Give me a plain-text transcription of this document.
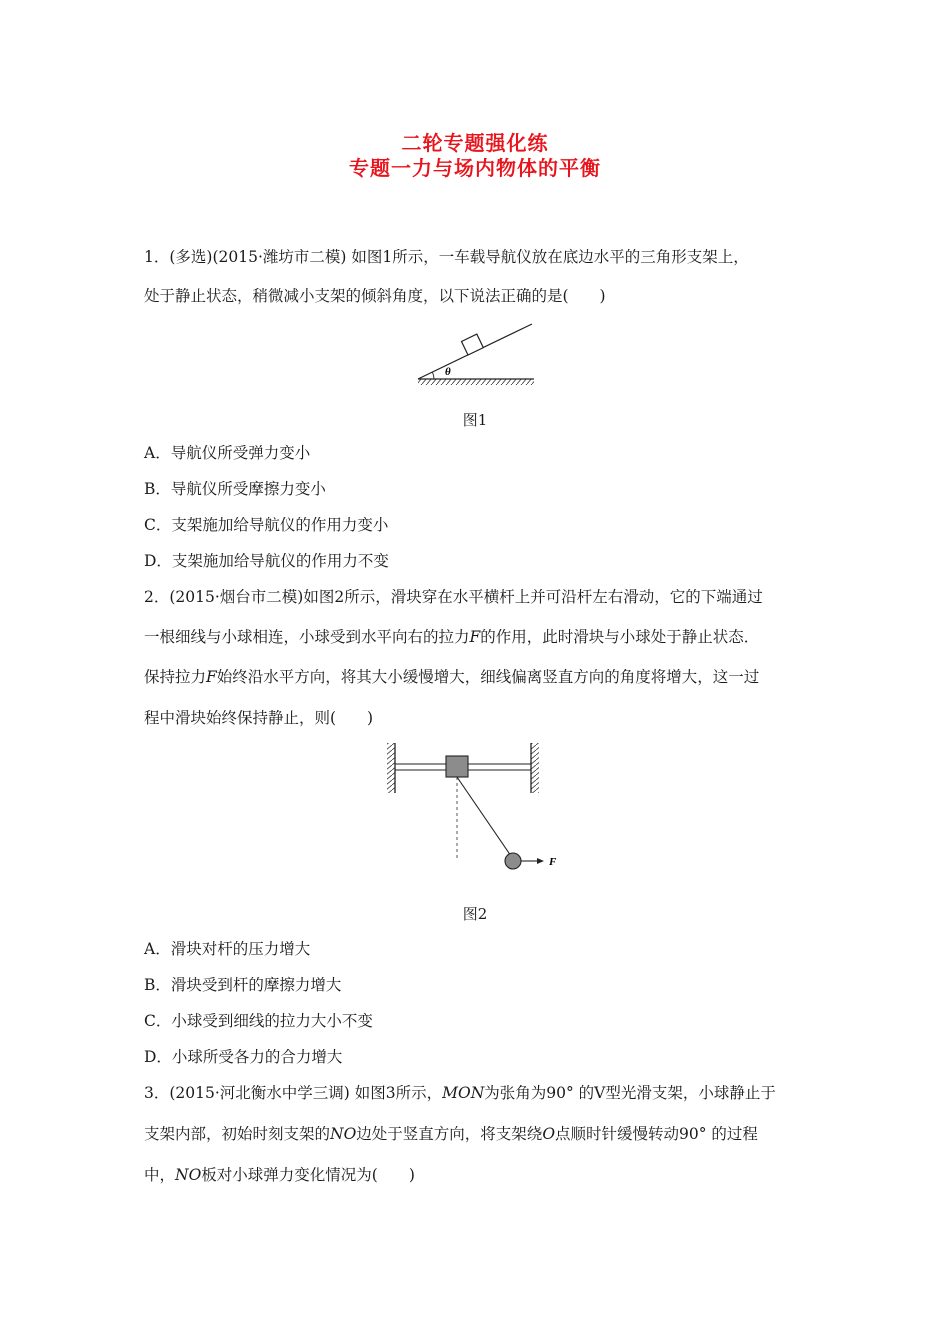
二轮专题强化练
专题一力与场内物体的平衡
1．(多选)(2015·潍坊市二模) 如图1所示，一车载导航仪放在底边水平的三角形支架上，
处于静止状态，稍微减小支架的倾斜角度，以下说法正确的是(　　)
θ
图1
A．导航仪所受弹力变小
B．导航仪所受摩擦力变小
C．支架施加给导航仪的作用力变小
D．支架施加给导航仪的作用力不变
2．(2015·烟台市二模)如图2所示，滑块穿在水平横杆上并可沿杆左右滑动，它的下端通过
一根细线与小球相连，小球受到水平向右的拉力F的作用，此时滑块与小球处于静止状态．
保持拉力F始终沿水平方向，将其大小缓慢增大，细线偏离竖直方向的角度将增大，这一过
程中滑块始终保持静止，则(　　)
F
图2
A．滑块对杆的压力增大
B．滑块受到杆的摩擦力增大
C．小球受到细线的拉力大小不变
D．小球所受各力的合力增大
3．(2015·河北衡水中学三调) 如图3所示，MON为张角为90° 的V型光滑支架，小球静止于
支架内部，初始时刻支架的NO边处于竖直方向，将支架绕O点顺时针缓慢转动90° 的过程
中，NO板对小球弹力变化情况为(　　)
